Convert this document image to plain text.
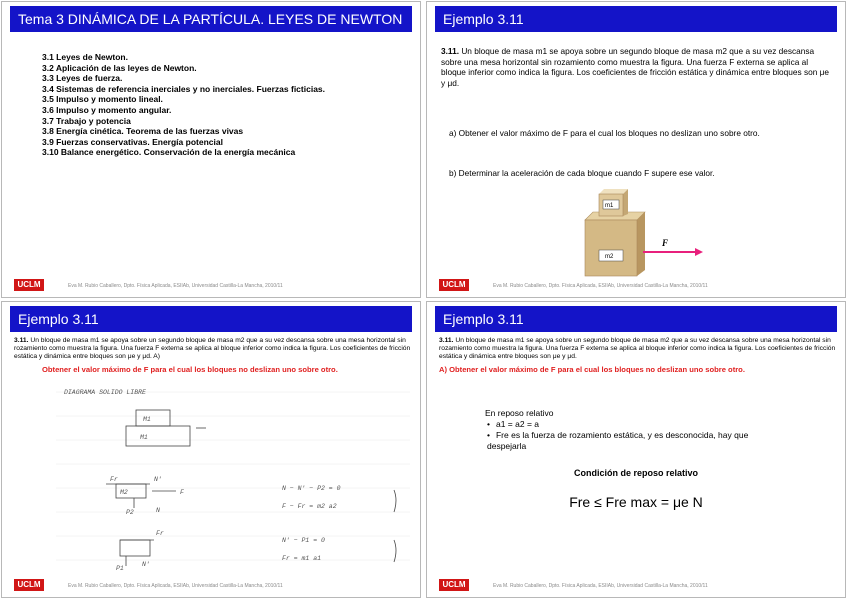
Tema 3 DINÁMICA DE LA PARTÍCULA. LEYES DE NEWTON
3.1 Leyes de Newton.
3.2 Aplicación de las leyes de Newton.
3.3 Leyes de fuerza.
3.4 Sistemas de referencia inerciales y no inerciales. Fuerzas ficticias.
3.5 Impulso y momento lineal.
3.6 Impulso y momento angular.
3.7 Trabajo y potencia
3.8 Energía cinética. Teorema de las fuerzas vivas
3.9 Fuerzas conservativas. Energía potencial
3.10 Balance energético. Conservación de la energía mecánica
UCLM	Eva M. Rubio Caballero, Dpto. Física Aplicada, ESIIAb, Universidad Castilla-La Mancha, 2010/11
Ejemplo 3.11
3.11. Un bloque de masa m1 se apoya sobre un segundo bloque de masa m2 que a su vez descansa sobre una mesa horizontal sin rozamiento como muestra la figura. Una fuerza F externa se aplica al bloque inferior como indica la figura. Los coeficientes de fricción estática y dinámica entre bloques son μe y μd.
a) Obtener el valor máximo de F para el cual los bloques no deslizan uno sobre otro.
b) Determinar la aceleración de cada bloque cuando F supere ese valor.
m1
m2
F
UCLM	Eva M. Rubio Caballero, Dpto. Física Aplicada, ESIIAb, Universidad Castilla-La Mancha, 2010/11
Ejemplo 3.11
3.11. Un bloque de masa m1 se apoya sobre un segundo bloque de masa m2 que a su vez descansa sobre una mesa horizontal sin rozamiento como muestra la figura. Una fuerza F externa se aplica al bloque inferior como indica la figura. Los coeficientes de fricción estática y dinámica entre bloques son μe y μd. A)
Obtener el valor máximo de F para el cual los bloques no deslizan uno sobre otro.
DIAGRAMA SOLIDO LIBRE
M1
M1
M2	F
Fr	N'
P2	N
Fr
P1
N'
N − N' − P2 = 0
F − Fr = m2 a2
N' − P1 = 0
Fr = m1 a1
UCLM	Eva M. Rubio Caballero, Dpto. Física Aplicada, ESIIAb, Universidad Castilla-La Mancha, 2010/11
Ejemplo 3.11
3.11. Un bloque de masa m1 se apoya sobre un segundo bloque de masa m2 que a su vez descansa sobre una mesa horizontal sin rozamiento como muestra la figura. Una fuerza F externa se aplica al bloque inferior como indica la figura. Los coeficientes de fricción estática y dinámica entre bloques son μe y μd.
A) Obtener el valor máximo de F para el cual los bloques no deslizan uno sobre otro.
En reposo relativo
• a1 = a2 = a
• Fre es la fuerza de rozamiento estática, y es desconocida, hay que despejarla
Condición de reposo relativo
Fre ≤ Fre max = μe N
UCLM	Eva M. Rubio Caballero, Dpto. Física Aplicada, ESIIAb, Universidad Castilla-La Mancha, 2010/11
